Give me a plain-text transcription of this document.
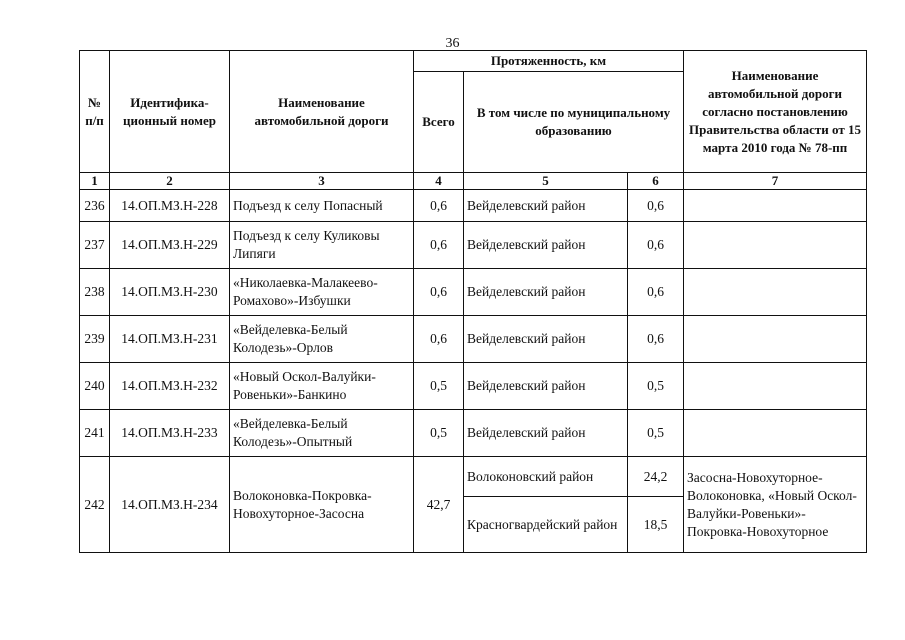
36
№ п/п	Идентифика-ционный номер	Наименование автомобильной дороги	Протяженность, км			Наименование автомобильной дороги согласно постановлению Правительства области от 15 марта 2010 года № 78-пп
			Всего	В том числе по муниципальному образованию		
1	2	3	4	5	6	7
236	14.ОП.МЗ.Н-228	Подъезд к селу Попасный	0,6	Вейделевский район	0,6	
237	14.ОП.МЗ.Н-229	Подъезд к селу Куликовы Липяги	0,6	Вейделевский район	0,6	
238	14.ОП.МЗ.Н-230	«Николаевка-Малакеево-Ромахово»-Избушки	0,6	Вейделевский район	0,6	
239	14.ОП.МЗ.Н-231	«Вейделевка-Белый Колодезь»-Орлов	0,6	Вейделевский район	0,6	
240	14.ОП.МЗ.Н-232	«Новый Оскол-Валуйки-Ровеньки»-Банкино	0,5	Вейделевский район	0,5	
241	14.ОП.МЗ.Н-233	«Вейделевка-Белый Колодезь»-Опытный	0,5	Вейделевский район	0,5	
242	14.ОП.МЗ.Н-234	Волоконовка-Покровка-Новохуторное-Засосна	42,7	Волоконовский район	24,2	Засосна-Новохуторное-Волоконовка, «Новый Оскол-Валуйки-Ровеньки»-Покровка-Новохуторное
				Красногвардейский район	18,5	
